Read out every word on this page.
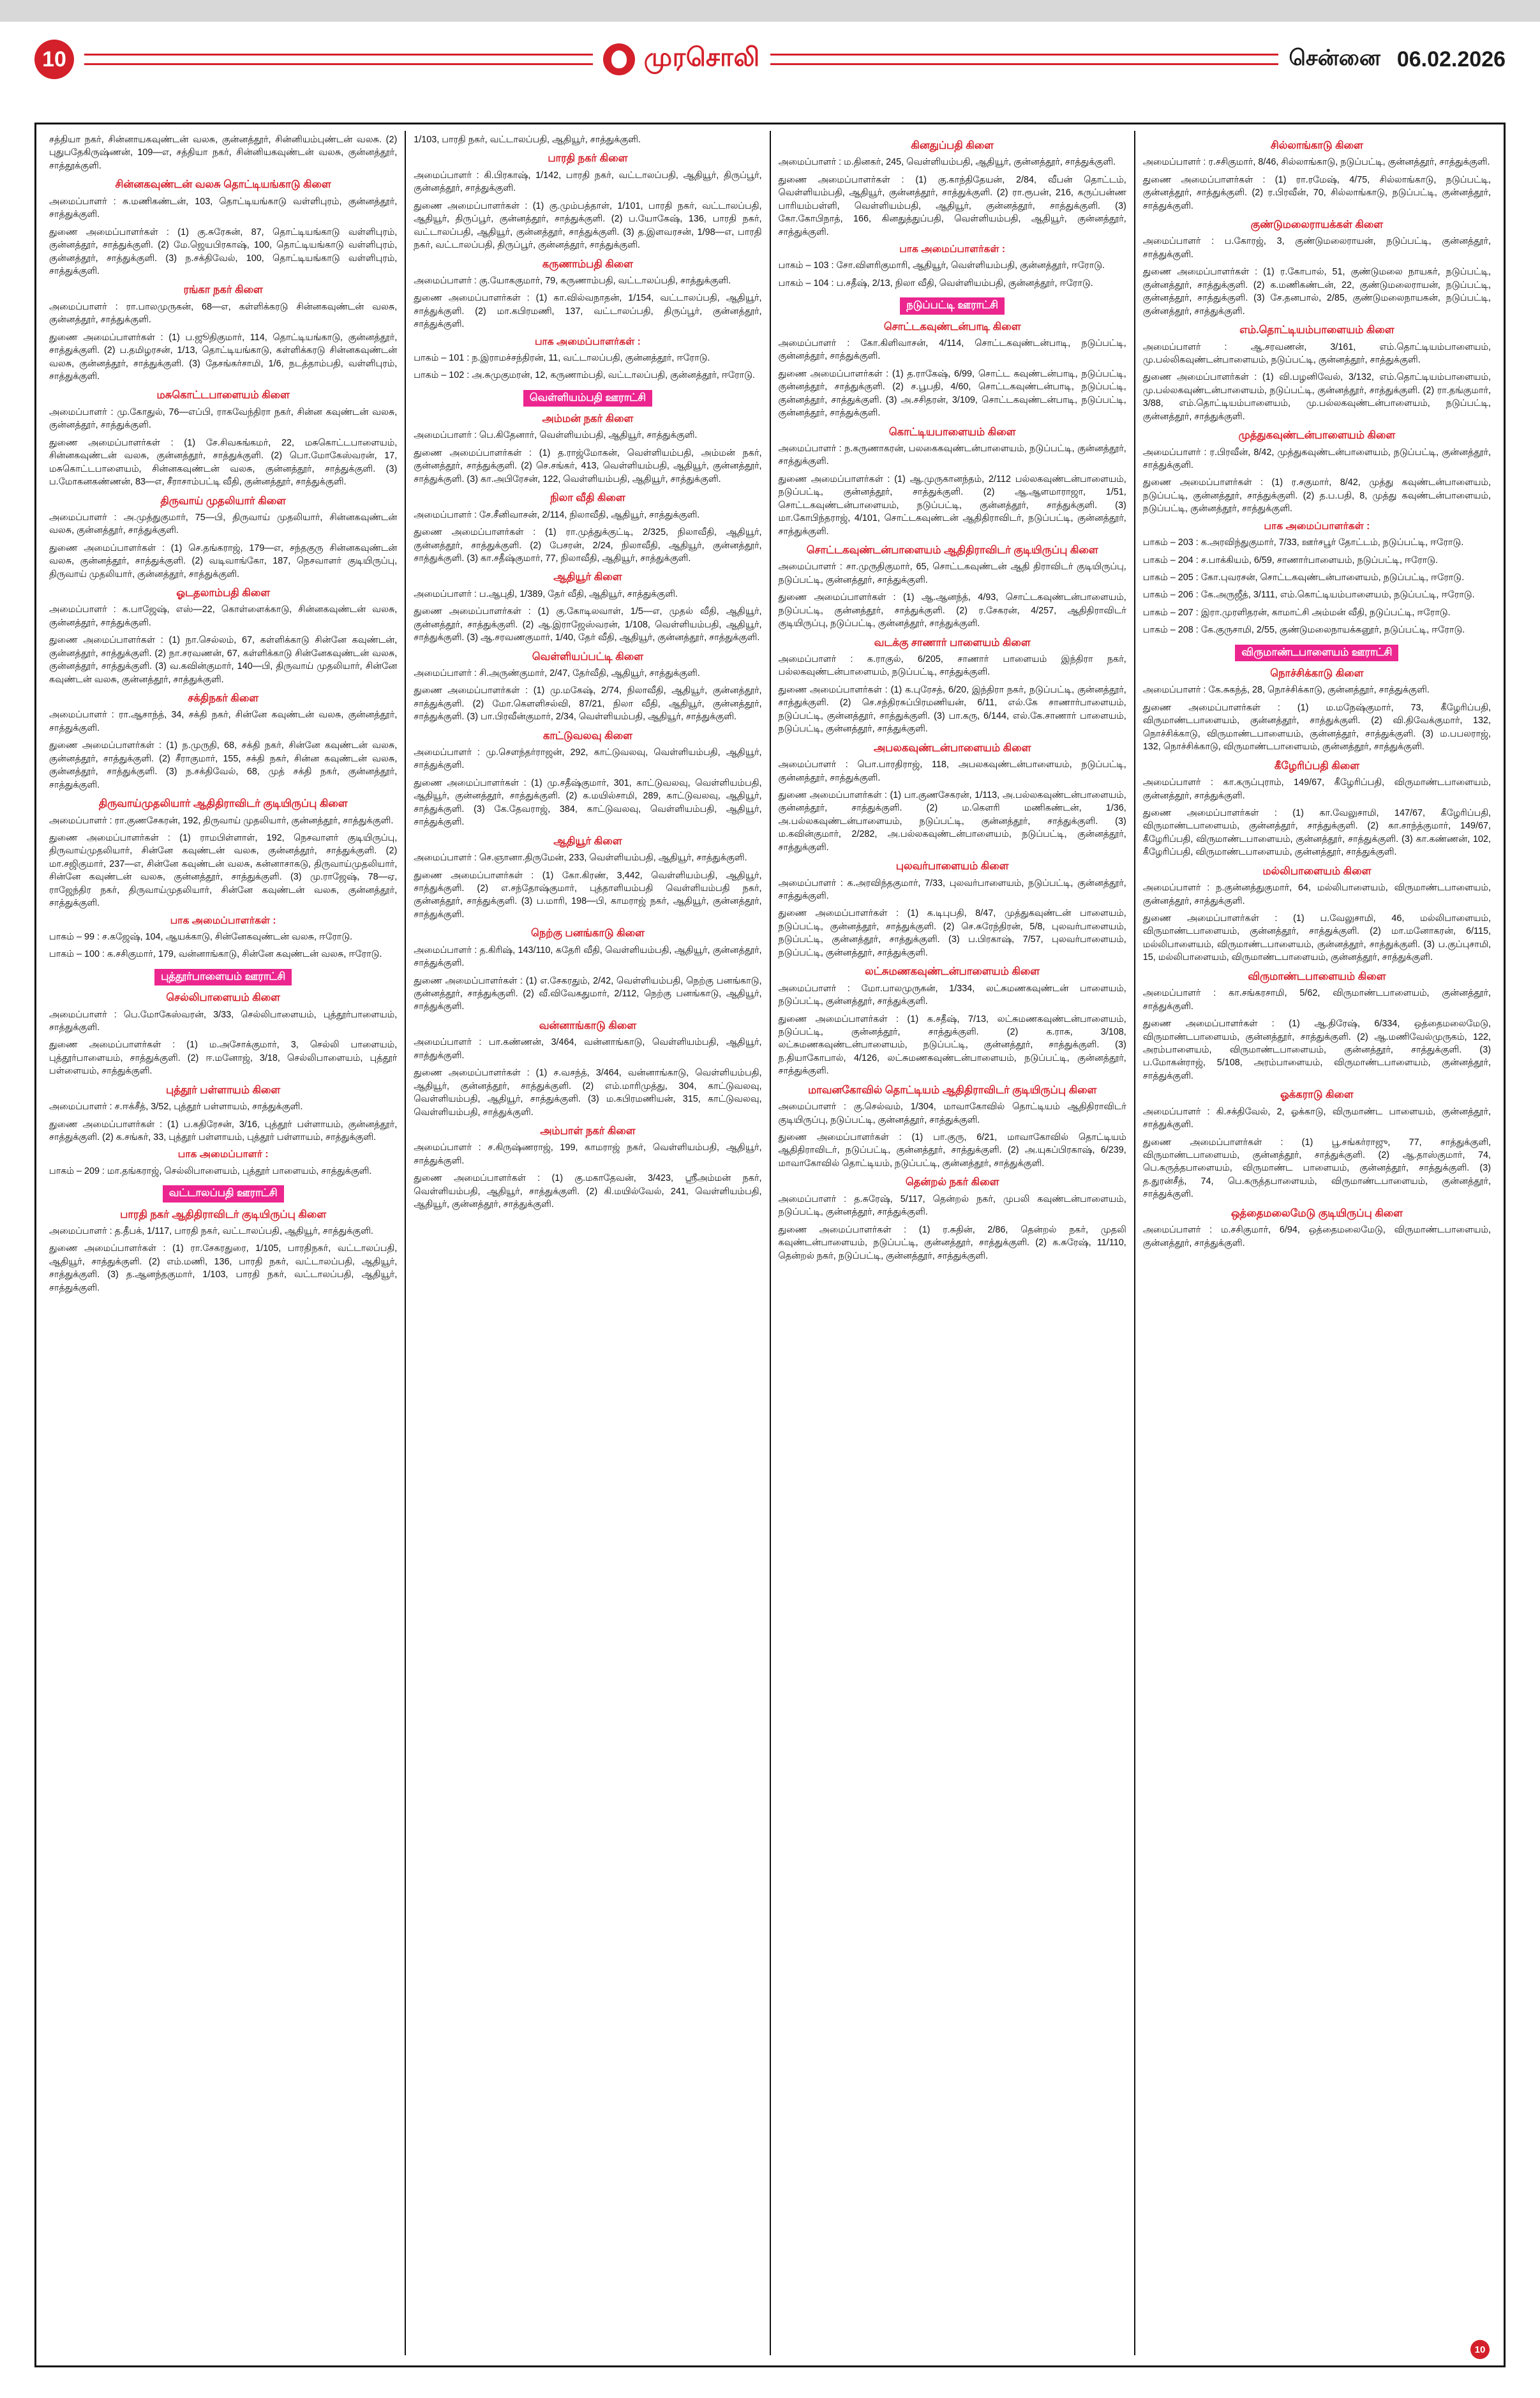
10	முரசொலி	சென்னை 06.02.2026
சத்தியா நகர், சின்னாயகவுண்டன் வலசு, குன்னத்தூர், சின்னியம்புண்டன் வலசு. (2) புதுபதேகிருஷ்ணன், 109—எ, சத்தியா நகர், சின்னியகவுண்டன் வலசு, குன்னத்தூர், சாத்தூக்குளி.
சின்னகவுண்டன் வலசு தொட்டியங்காடு கிளை
அமைப்பாளர் : சு.மணிகண்டன், 103, தொட்டியங்காடு வள்ளிபுரம், குன்னத்தூர், சாத்துக்குளி.
துணை அமைப்பாளர்கள் : (1) கு.சுரேசுன், 87, தொட்டியங்காடு வள்ளிபுரம், குன்னத்தூர், சாத்துக்குளி. (2) மே.ஜெயபிரகாஷ், 100, தொட்டியங்காடு வள்ளிபுரம், குன்னத்தூர், சாத்துக்குளி. (3) ந.சக்திவேல், 100, தொட்டியங்காடு வள்ளிபுரம், சாத்துக்குளி.
ரங்கா நகர் கிளை
அமைப்பாளர் : ரா.பாலமுருகன், 68—எ, கள்ளிக்கரடு சின்னகவுண்டன் வலசு, குன்னத்தூர், சாத்துக்குளி.
துணை அமைப்பாளர்கள் : (1) ப.ஜூதிகுமார், 114, தொட்டியங்காடு, குன்னத்தூர், சாத்துக்குளி. (2) ப.தமிழரசன், 1/13, தொட்டியங்காடு, கள்ளிக்கரடு சின்னகவுண்டன் வலசு, குன்னத்தூர், சாத்துக்குளி. (3) தேசங்கர்சாமி, 1/6, நடத்தாம்பதி, வள்ளிபுரம், சாத்துக்குளி.
மசுகொட்டபாளையம் கிளை
அமைப்பாளர் : மு.கோதுல், 76—எப்பி, ராகவேந்திரா நகர், சின்ன கவுண்டன் வலசு, குன்னத்தூர், சாத்துக்குளி.
துணை அமைப்பாளர்கள் : (1) சே.சிவசுங்கமர், 22, மசுகொட்டபாளையம், சின்னகவுண்டன் வலசு, குன்னத்தூர், சாத்துக்குளி. (2) பொ.மோகேஸ்வரன், 17, மசுகொட்டபாளையம், சின்னகவுண்டன் வலசு, குன்னத்தூர், சாத்துக்குளி. (3) ப.மோகனகண்ணன், 83—எ, சீராசாம்பட்டி வீதி, குன்னத்தூர், சாத்துக்குளி.
திருவாய் முதலியார் கிளை
அமைப்பாளர் : அ.முத்துகுமார், 75—பி, திருவாய் முதலியார், சின்னகவுண்டன் வலசு, குன்னத்தூர், சாத்துக்குளி.
துணை அமைப்பாளர்கள் : (1) செ.தங்கராஜ், 179—எ, சந்தகுரு சின்னகவுண்டன் வலசு, குன்னத்தூர், சாத்துக்குளி. (2) வடிவாங்கோ, 187, நெசவாளர் குடியிருப்பு, திருவாய் முதலியார், குன்னத்தூர், சாத்துக்குளி.
ஓடதலாம்பதி கிளை
அமைப்பாளர் : க.பாஜேஷ், எஸ்—22, கொள்ளைக்காடு, சின்னகவுண்டன் வலசு, குன்னத்தூர், சாத்துக்குளி.
துணை அமைப்பாளர்கள் : (1) நா.செல்லம், 67, கள்ளிக்காடு சின்னே கவுண்டன், குன்னத்தூர், சாத்துக்குளி. (2) நா.சரவணன், 67, கள்ளிக்காடு சின்னேகவுண்டன் வலசு, குன்னத்தூர், சாத்துக்குளி. (3) வ.கவின்குமார், 140—பி, திருவாய் முதலியார், சின்னே கவுண்டன் வலசு, குன்னத்தூர், சாத்துக்குளி.
சக்திநகர் கிளை
அமைப்பாளர் : ரா.ஆசாந்த், 34, சக்தி நகர், சின்னே கவுண்டன் வலசு, குன்னத்தூர், சாத்துக்குளி.
துணை அமைப்பாளர்கள் : (1) ந.முருதி, 68, சக்தி நகர், சின்னே கவுண்டன் வலசு, குன்னத்தூர், சாத்துக்குளி. (2) சீராகுமார், 155, சக்தி நகர், சின்ன கவுண்டன் வலசு, குன்னத்தூர், சாத்துக்குளி. (3) ந.சக்திவேல், 68, முத் சக்தி நகர், குன்னத்தூர், சாத்துக்குளி.
திருவாய்முதலியார் ஆதிதிராவிடர் குடியிருப்பு கிளை
அமைப்பாளர் : ரா.குணசேகரன், 192, திருவாய் முதலியார், குன்னத்தூர், சாத்துக்குளி.
துணை அமைப்பாளர்கள் : (1) ராமபிள்ளாள், 192, நெசவாளர் குடியிருப்பு, திருவாய்முதலியார், சின்னே கவுண்டன் வலசு, குன்னத்தூர், சாத்துக்குளி. (2) மா.சஜிகுமார், 237—எ, சின்னே கவுண்டன் வலசு, கன்னாசாகடு, திருவாய்முதலியார், சின்னே கவுண்டன் வலசு, குன்னத்தூர், சாத்துக்குளி. (3) மு.ராஜேஷ், 78—ஏ, ராஜேந்திர நகர், திருவாய்முதலியார், சின்னே கவுண்டன் வலசு, குன்னத்தூர், சாத்துக்குளி.
பாக அமைப்பாளர்கள் :
பாகம் – 99 : ச.கஜேஷ், 104, ஆயக்காடு, சின்னேகவுண்டன் வலசு, ஈரோடு.
பாகம் – 100 : க.சசிகுமார், 179, வன்னாங்காடு, சின்னே கவுண்டன் வலசு, ஈரோடு.
புத்தூர்பாளையம் ஊராட்சி
செல்லிபாளையம் கிளை
அமைப்பாளர் : பெ.மோகேஸ்வரன், 3/33, செல்லிபாளையம், புத்தூர்பாளையம், சாத்துக்குளி.
துணை அமைப்பாளர்கள் : (1) ம.அசோக்குமார், 3, செல்லி பாளையம், புத்தூர்பாளையம், சாத்துக்குளி. (2) ஈ.மனோஜ், 3/18, செல்லிபாளையம், புத்தூர் பள்ளையம், சாத்துக்குளி.
புத்தூர் பள்ளாயம் கிளை
அமைப்பாளர் : ச.ஈக்சீத், 3/52, புத்தூர் பள்ளாயம், சாத்துக்குளி.
துணை அமைப்பாளர்கள் : (1) ப.கதிரேசன், 3/16, புத்தூர் பள்ளாயம், குன்னத்தூர், சாத்துக்குளி. (2) க.சங்கர், 33, புத்தூர் பள்ளாயம், புத்தூர் பள்ளாயம், சாத்துக்குளி.
பாக அமைப்பாளர் :
பாகம் – 209 : மா.தங்கராஜ், செல்லிபாளையம், புத்தூர் பாளையம், சாத்துக்குளி.
வட்டாலப்பதி ஊராட்சி
பாரதி நகர் ஆதிதிராவிடர் குடியிருப்பு கிளை
அமைப்பாளர் : த.தீபக், 1/117, பாரதி நகர், வட்டாலப்பதி, ஆதியூர், சாத்துக்குளி.
துணை அமைப்பாளர்கள் : (1) ரா.சேகரதுரை, 1/105, பாரதிநகர், வட்டாலப்பதி, ஆதியூர், சாத்துக்குளி. (2) எம்.மணி, 136, பாரதி நகர், வட்டாலப்பதி, ஆதியூர், சாத்துக்குளி. (3) த.ஆனந்தகுமார், 1/103, பாரதி நகர், வட்டாலப்பதி, ஆதியூர், சாத்துக்குளி.
1/103, பாரதி நகர், வட்டாலப்பதி, ஆதியூர், சாத்துக்குளி.
பாரதி நகர் கிளை
அமைப்பாளர் : கி.பிரகாஷ், 1/142, பாரதி நகர், வட்டாலப்பதி, ஆதியூர், திருப்பூர், குன்னத்தூர், சாத்துக்குளி.
துணை அமைப்பாளர்கள் : (1) கு.மும்பத்தாள், 1/101, பாரதி நகர், வட்டாலப்பதி, ஆதியூர், திருப்பூர், குன்னத்தூர், சாத்துக்குளி. (2) ப.யோகேஷ், 136, பாரதி நகர், வட்டாலப்பதி, ஆதியூர், குன்னத்தூர், சாத்துக்குளி. (3) த.இளவரசன், 1/98—எ, பாரதி நகர், வட்டாலப்பதி, திருப்பூர், குன்னத்தூர், சாத்துக்குளி.
கருணாம்பதி கிளை
அமைப்பாளர் : கு.யோககுமார், 79, கருணாம்பதி, வட்டாலப்பதி, சாத்துக்குளி.
துணை அமைப்பாளர்கள் : (1) கா.வில்வநாதன், 1/154, வட்டாலப்பதி, ஆதியூர், சாத்துக்குளி. (2) மா.கபிரமணி, 137, வட்டாலப்பதி, திருப்பூர், குன்னத்தூர், சாத்துக்குளி.
பாக அமைப்பாளர்கள் :
பாகம் – 101 : ந.இராமச்சந்திரன், 11, வட்டாலப்பதி, குன்னத்தூர், ஈரோடு.
பாகம் – 102 : அ.சுமுகுமரன், 12, கருணாம்பதி, வட்டாலப்பதி, குன்னத்தூர், ஈரோடு.
வெள்ளியம்பதி ஊராட்சி
அம்மன் நகர் கிளை
அமைப்பாளர் : பெ.கிதேனார், வெள்ளியம்பதி, ஆதியூர், சாத்துக்குளி.
துணை அமைப்பாளர்கள் : (1) த.ராஜ்மோகன், வெள்ளியம்பதி, அம்மன் நகர், குன்னத்தூர், சாத்துக்குளி. (2) செ.சங்கர், 413, வெள்ளியம்பதி, ஆதியூர், குன்னத்தூர், சாத்துக்குளி. (3) கா.அபிரேசன், 122, வெள்ளியம்பதி, ஆதியூர், சாத்துக்குளி.
நிலா வீதி கிளை
அமைப்பாளர் : சே.சீனிவாசன், 2/114, நிலாவீதி, ஆதியூர், சாத்துக்குளி.
துணை அமைப்பாளர்கள் : (1) ரா.முத்துக்குட்டி, 2/325, நிலாவீதி, ஆதியூர், குன்னத்தூர், சாத்துக்குளி. (2) பேசரன், 2/24, நிலாவீதி, ஆதியூர், குன்னத்தூர், சாத்துக்குளி. (3) கா.சதீஷ்குமார், 77, நிலாவீதி, ஆதியூர், சாத்துக்குளி.
ஆதியூர் கிளை
அமைப்பாளர் : ப.ஆபுதி, 1/389, தேர் வீதி, ஆதியூர், சாத்துக்குளி.
துணை அமைப்பாளர்கள் : (1) கு.கோடிலவாள், 1/5—எ, முதல் வீதி, ஆதியூர், குன்னத்தூர், சாத்துக்குளி. (2) ஆ.இராஜேஸ்வரன், 1/108, வெள்ளியம்பதி, ஆதியூர், சாத்துக்குளி. (3) ஆ.சரவணகுமார், 1/40, தேர் வீதி, ஆதியூர், குன்னத்தூர், சாத்துக்குளி.
வெள்ளியப்பட்டி கிளை
அமைப்பாளர் : சி.அருண்குமார், 2/47, தேர்வீதி, ஆதியூர், சாத்துக்குளி.
துணை அமைப்பாளர்கள் : (1) மு.மகேஷ், 2/74, நிலாவீதி, ஆதியூர், குன்னத்தூர், சாத்துக்குளி. (2) மோ.கௌளிசல்வி, 87/21, நிலா வீதி, ஆதியூர், குன்னத்தூர், சாத்துக்குளி. (3) பா.பிரவீன்குமார், 2/34, வெள்ளியம்பதி, ஆதியூர், சாத்துக்குளி.
காட்டுவலவு கிளை
அமைப்பாளர் : மு.சௌந்தர்ராஜன், 292, காட்டுவலவு, வெள்ளியம்பதி, ஆதியூர், சாத்துக்குளி.
துணை அமைப்பாளர்கள் : (1) மு.சதீஷ்குமார், 301, காட்டுவலவு, வெள்ளியம்பதி, ஆதியூர், குன்னத்தூர், சாத்துக்குளி. (2) க.மயில்சாமி, 289, காட்டுவலவு, ஆதியூர், சாத்துக்குளி. (3) கே.தேவராஜ், 384, காட்டுவலவு, வெள்ளியம்பதி, ஆதியூர், சாத்துக்குளி.
ஆதியூர் கிளை
அமைப்பாளர் : செ.ஞானா.திருமேன், 233, வெள்ளியம்பதி, ஆதியூர், சாத்துக்குளி.
துணை அமைப்பாளர்கள் : (1) கோ.கிரண், 3,442, வெள்ளியம்பதி, ஆதியூர், சாத்துக்குளி. (2) எ.சந்தோஷ்குமார், புத்தாளியம்பதி வெள்ளியம்பதி நகர், குன்னத்தூர், சாத்துக்குளி. (3) ப.மாரி, 198—பி, காமராஜ் நகர், ஆதியூர், குன்னத்தூர், சாத்துக்குளி.
நெற்கு பனங்காடு கிளை
அமைப்பாளர் : த.கிரிஷ், 143/110, கதேரி வீதி, வெள்ளியம்பதி, ஆதியூர், குன்னத்தூர், சாத்துக்குளி.
துணை அமைப்பாளர்கள் : (1) எ.சேகரதும், 2/42, வெள்ளியம்பதி, நெற்கு பனங்காடு, குன்னத்தூர், சாத்துக்குளி. (2) வீ.விவேகதுமார், 2/112, நெற்கு பனங்காடு, ஆதியூர், சாத்துக்குளி.
வன்னாங்காடு கிளை
அமைப்பாளர் : பா.கண்ணன், 3/464, வன்னாங்காடு, வெள்ளியம்பதி, ஆதியூர், சாத்துக்குளி.
துணை அமைப்பாளர்கள் : (1) ச.வசந்த், 3/464, வன்னாங்காடு, வெள்ளியம்பதி, ஆதியூர், குன்னத்தூர், சாத்துக்குளி. (2) எம்.மாரிமுத்து, 304, காட்டுவலவு, வெள்ளியம்பதி, ஆதியூர், சாத்துக்குளி. (3) ம.கபிரமணியன், 315, காட்டுவலவு, வெள்ளியம்பதி, சாத்துக்குளி.
அம்பாள் நகர் கிளை
அமைப்பாளர் : ச.கிருஷ்ணராஜ், 199, காமராஜ் நகர், வெள்ளியம்பதி, ஆதியூர், சாத்துக்குளி.
துணை அமைப்பாளர்கள் : (1) கு.மகாதேவன், 3/423, ஸ்ரீஅம்மன் நகர், வெள்ளியம்பதி, ஆதியூர், சாத்துக்குளி. (2) கி.மயில்வேல், 241, வெள்ளியம்பதி, ஆதியூர், குன்னத்தூர், சாத்துக்குளி.
கினதுப்பதி கிளை
அமைப்பாளர் : ம.தினகர், 245, வெள்ளியம்பதி, ஆதியூர், குன்னத்தூர், சாத்துக்குளி.
துணை அமைப்பாளர்கள் : (1) கு.காந்திதேயன், 2/84, வீபன் தொட்டம், வெள்ளியம்பதி, ஆதியூர், குன்னத்தூர், சாத்துக்குளி. (2) ரா.ரூபன், 216, கருப்பன்ண பாரியம்பள்ளி, வெள்ளியம்பதி, ஆதியூர், குன்னத்தூர், சாத்துக்குளி. (3) கோ.கோபிநாத், 166, கினதுத்துப்பதி, வெள்ளியம்பதி, ஆதியூர், குன்னத்தூர், சாத்துக்குளி.
பாக அமைப்பாளர்கள் :
பாகம் – 103 : சோ.விளரிகுமாரி, ஆதியூர், வெள்ளியம்பதி, குன்னத்தூர், ஈரோடு.
பாகம் – 104 : ப.சதீஷ், 2/13, நிலா வீதி, வெள்ளியம்பதி, குன்னத்தூர், ஈரோடு.
நடுப்பட்டி ஊராட்சி
சொட்டகவுண்டன்பாடி கிளை
அமைப்பாளர் : கோ.கிளிவாசன், 4/114, சொட்டகவுண்டன்பாடி, நடுப்பட்டி, குன்னத்தூர், சாத்துக்குளி.
துணை அமைப்பாளர்கள் : (1) த.ராகேஷ், 6/99, சொட்ட கவுண்டன்பாடி, நடுப்பட்டி, குன்னத்தூர், சாத்துக்குளி. (2) ச.பூபதி, 4/60, சொட்டகவுண்டன்பாடி, நடுப்பட்டி, குன்னத்தூர், சாத்துக்குளி. (3) அ.சசிதரன், 3/109, சொட்டகவுண்டன்பாடி, நடுப்பட்டி, குன்னத்தூர், சாத்துக்குளி.
கொட்டியபாளையம் கிளை
அமைப்பாளர் : ந.கருணாகரன், பலகைகவுண்டன்பாளையம், நடுப்பட்டி, குன்னத்தூர், சாத்துக்குளி.
துணை அமைப்பாளர்கள் : (1) ஆ.முருகானந்தம், 2/112 பல்லகவுண்டன்பாளையம், நடுப்பட்டி, குன்னத்தூர், சாத்துக்குளி. (2) ஆ.ஆளமாராஜா, 1/51, சொட்டகவுண்டன்பாளையம், நடுப்பட்டி, குன்னத்தூர், சாத்துக்குளி. (3) மா.கோபிந்தராஜ், 4/101, சொட்டகவுண்டன் ஆதிதிராவிடர், நடுப்பட்டி, குன்னத்தூர், சாத்துக்குளி.
சொட்டகவுண்டன்பாளையம் ஆதிதிராவிடர் குடியிருப்பு கிளை
அமைப்பாளர் : சா.முருதிகுமார், 65, சொட்டகவுண்டன் ஆதி திராவிடர் குடியிருப்பு, நடுப்பட்டி, குன்னத்தூர், சாத்துக்குளி.
துணை அமைப்பாளர்கள் : (1) ஆ.ஆனந்த், 4/93, சொட்டகவுண்டன்பாளையம், நடுப்பட்டி, குன்னத்தூர், சாத்துக்குளி. (2) ர.சேகரன், 4/257, ஆதிதிராவிடர் குடியிருப்பு, நடுப்பட்டி, குன்னத்தூர், சாத்துக்குளி.
வடக்கு சாணார் பாளையம் கிளை
அமைப்பாளர் : க.ராகுல், 6/205, சாணார் பாளையம் இந்திரா நகர், பல்லகவுண்டன்பாளையம், நடுப்பட்டி, சாத்துக்குளி.
துணை அமைப்பாளர்கள் : (1) க.புரேசத், 6/20, இந்திரா நகர், நடுப்பட்டி, குன்னத்தூர், சாத்துக்குளி. (2) செ.சந்திரசுப்பிரமணியன், 6/11, எல்.கே சாணார்பாளையம், நடுப்பட்டி, குன்னத்தூர், சாத்துக்குளி. (3) பா.கரு, 6/144, எல்.கே.சாணார் பாளையம், நடுப்பட்டி, குன்னத்தூர், சாத்துக்குளி.
அபலகவுண்டன்பாளையம் கிளை
அமைப்பாளர் : பொ.பாரதிராஜ், 118, அபலகவுண்டன்பாளையம், நடுப்பட்டி, குன்னத்தூர், சாத்துக்குளி.
துணை அமைப்பாளர்கள் : (1) பா.குணசேகரன், 1/113, அ.பல்லகவுண்டன்பாளையம், குன்னத்தூர், சாத்துக்குளி. (2) ம.கௌரி மணிகண்டன், 1/36, அ.பல்லகவுண்டன்பாளையம், நடுப்பட்டி, குன்னத்தூர், சாத்துக்குளி. (3) ம.கவின்குமார், 2/282, அ.பல்லகவுண்டன்பாளையம், நடுப்பட்டி, குன்னத்தூர், சாத்துக்குளி.
புலவர்பாளையம் கிளை
அமைப்பாளர் : க.அரவிந்தகுமார், 7/33, புலவர்பாளையம், நடுப்பட்டி, குன்னத்தூர், சாத்துக்குளி.
துணை அமைப்பாளர்கள் : (1) க.டிபுபதி, 8/47, முத்துகவுண்டன் பாளையம், நடுப்பட்டி, குன்னத்தூர், சாத்துக்குளி. (2) செ.சுரேந்திரன், 5/8, புலவர்பாளையம், நடுப்பட்டி, குன்னத்தூர், சாத்துக்குளி. (3) ப.பிரகாஷ், 7/57, புலவர்பாளையம், நடுப்பட்டி, குன்னத்தூர், சாத்துக்குளி.
லட்சுமணகவுண்டன்பாளையம் கிளை
அமைப்பாளர் : மோ.பாலமுருகன், 1/334, லட்சுமணகவுண்டன் பாளையம், நடுப்பட்டி, குன்னத்தூர், சாத்துக்குளி.
துணை அமைப்பாளர்கள் : (1) க.சதீஷ், 7/13, லட்சுமணகவுண்டன்பாளையம், நடுப்பட்டி, குன்னத்தூர், சாத்துக்குளி. (2) க.ராசு, 3/108, லட்சுமணகவுண்டன்பாளையம், நடுப்பட்டி, குன்னத்தூர், சாத்துக்குளி. (3) ந.தியாகோபால், 4/126, லட்சுமணகவுண்டன்பாளையம், நடுப்பட்டி, குன்னத்தூர், சாத்துக்குளி.
மாவனகோவில் தொட்டியம் ஆதிதிராவிடர் குடியிருப்பு கிளை
அமைப்பாளர் : கு.செல்வம், 1/304, மாவாகோவில் தொட்டியம் ஆதிதிராவிடர் குடியிருப்பு, நடுப்பட்டி, குன்னத்தூர், சாத்துக்குளி.
துணை அமைப்பாளர்கள் : (1) பா.குரு, 6/21, மாவாகோவில் தொட்டியம் ஆதிதிராவிடர், நடுப்பட்டி, குன்னத்தூர், சாத்துக்குளி. (2) அ.யுகப்பிரகாஷ், 6/239, மாவாகோவில் தொட்டியம், நடுப்பட்டி, குன்னத்தூர், சாத்துக்குளி.
தென்றல் நகர் கிளை
அமைப்பாளர் : த.சுரேஷ், 5/117, தென்றல் நகர், முபலி கவுண்டன்பாளையம், நடுப்பட்டி, குன்னத்தூர், சாத்துக்குளி.
துணை அமைப்பாளர்கள் : (1) ர.சுதின், 2/86, தென்றல் நகர், முதலி கவுண்டன்பாளையம், நடுப்பட்டி, குன்னத்தூர், சாத்துக்குளி. (2) க.சுரேஷ், 11/110, தென்றல் நகர், நடுப்பட்டி, குன்னத்தூர், சாத்துக்குளி.
சில்லாங்காடு கிளை
அமைப்பாளர் : ர.சசிகுமார், 8/46, சில்லாங்காடு, நடுப்பட்டி, குன்னத்தூர், சாத்துக்குளி.
துணை அமைப்பாளர்கள் : (1) ரா.ரமேஷ், 4/75, சில்லாங்காடு, நடுப்பட்டி, குன்னத்தூர், சாத்துக்குளி. (2) ர.பிரவீன், 70, சில்லாங்காடு, நடுப்பட்டி, குன்னத்தூர், சாத்துக்குளி.
குண்டுமலைராயக்கள் கிளை
அமைப்பாளர் : ப.கோரஜ், 3, குண்டுமலைராயன், நடுப்பட்டி, குன்னத்தூர், சாத்துக்குளி.
துணை அமைப்பாளர்கள் : (1) ர.கோபால், 51, குண்டுமலை நாயகர், நடுப்பட்டி, குன்னத்தூர், சாத்துக்குளி. (2) க.மணிகண்டன், 22, குண்டுமலைராயன், நடுப்பட்டி, குன்னத்தூர், சாத்துக்குளி. (3) சே.தனபால், 2/85, குண்டுமலைநாயகன், நடுப்பட்டி, குன்னத்தூர், சாத்துக்குளி.
எம்.தொட்டியம்பாளையம் கிளை
அமைப்பாளர் : ஆ.சரவணன், 3/161, எம்.தொட்டியம்பாளையம், மு.பல்லிகவுண்டன்பாளையம், நடுப்பட்டி, குன்னத்தூர், சாத்துக்குளி.
துணை அமைப்பாளர்கள் : (1) வி.பழனிவேல், 3/132, எம்.தொட்டியம்பாளையம், மு.பல்லகவுண்டன்பாளையம், நடுப்பட்டி, குன்னத்தூர், சாத்துக்குளி. (2) ரா.தங்குமார், 3/88, எம்.தொட்டியம்பாளையம், மு.பல்லகவுண்டன்பாளையம், நடுப்பட்டி, குன்னத்தூர், சாத்துக்குளி.
முத்துகவுண்டன்பாளையம் கிளை
அமைப்பாளர் : ர.பிரவீன், 8/42, முத்துகவுண்டன்பாளையம், நடுப்பட்டி, குன்னத்தூர், சாத்துக்குளி.
துணை அமைப்பாளர்கள் : (1) ர.சகுமார், 8/42, முத்து கவுண்டன்பாளையம், நடுப்பட்டி, குன்னத்தூர், சாத்துக்குளி. (2) த.ப.பதி, 8, முத்து கவுண்டன்பாளையம், நடுப்பட்டி, குன்னத்தூர், சாத்துக்குளி.
பாக அமைப்பாளர்கள் :
பாகம் – 203 : க.அரவிந்துகுமார், 7/33, ஊர்சபூர் தோட்டம், நடுப்பட்டி, ஈரோடு.
பாகம் – 204 : ச.பாக்கியம், 6/59, சாணார்பாளையம், நடுப்பட்டி, ஈரோடு.
பாகம் – 205 : கோ.புவரசன், சொட்டகவுண்டன்பாளையம், நடுப்பட்டி, ஈரோடு.
பாகம் – 206 : கே.அருஜீத், 3/111, எம்.கொட்டியம்பாளையம், நடுப்பட்டி, ஈரோடு.
பாகம் – 207 : இரா.முரளிதரன், காமாட்சி அம்மன் வீதி, நடுப்பட்டி, ஈரோடு.
பாகம் – 208 : கே.குருசாமி, 2/55, குண்டுமலைநாயக்கனூர், நடுப்பட்டி, ஈரோடு.
விருமாண்டபாளையம் ஊராட்சி
நொச்சிக்காடு கிளை
அமைப்பாளர் : கே.சுகந்த், 28, நொச்சிக்காடு, குன்னத்தூர், சாத்துக்குளி.
துணை அமைப்பாளர்கள் : (1) ம.மநேஷ்குமார், 73, கீழேரிப்பதி, விருமாண்டபாளையம், குன்னத்தூர், சாத்துக்குளி. (2) வி.திவேக்குமார், 132, நொச்சிக்காடு, விருமாண்டபாளையம், குன்னத்தூர், சாத்துக்குளி. (3) ம.பபலராஜ், 132, நொச்சிக்காடு, விருமாண்டபாளையம், குன்னத்தூர், சாத்துக்குளி.
கீழேரிப்பதி கிளை
அமைப்பாளர் : கா.கருப்புராம், 149/67, கீழேரிப்பதி, விருமாண்டபாளையம், குன்னத்தூர், சாத்துக்குளி.
துணை அமைப்பாளர்கள் : (1) கா.வேலுசாமி, 147/67, கீழேரிப்பதி, விருமாண்டபாளையம், குன்னத்தூர், சாத்துக்குளி. (2) கா.சாந்த்குமார், 149/67, கீழேரிப்பதி, விருமாண்டபாளையம், குன்னத்தூர், சாத்துக்குளி. (3) கா.கண்ணன், 102, கீழேரிப்பதி, விருமாண்டபாளையம், குன்னத்தூர், சாத்துக்குளி.
மல்லிபாளையம் கிளை
அமைப்பாளர் : ந.குன்னத்துகுமார், 64, மல்லிபாளையம், விருமாண்டபாளையம், குன்னத்தூர், சாத்துக்குளி.
துணை அமைப்பாளர்கள் : (1) ப.வேலுசாமி, 46, மல்லிபாளையம், விருமாண்டபாளையம், குன்னத்தூர், சாத்துக்குளி. (2) மா.மனோகரன், 6/115, மல்லிபாளையம், விருமாண்டபாளையம், குன்னத்தூர், சாத்துக்குளி. (3) ப.குப்புசாமி, 15, மல்லிபாளையம், விருமாண்டபாளையம், குன்னத்தூர், சாத்துக்குளி.
விருமாண்டபாளையம் கிளை
அமைப்பாளர் : கா.சங்கரசாமி, 5/62, விருமாண்டபாளையம், குன்னத்தூர், சாத்துக்குளி.
துணை அமைப்பாளர்கள் : (1) ஆ.திரேஷ், 6/334, ஒத்தைமலைமேடு, விருமாண்டபாளையம், குன்னத்தூர், சாத்துக்குளி. (2) ஆ.மணிவேல்முருகம், 122, அரம்பாளையம், விருமாண்டபாளையம், குன்னத்தூர், சாத்துக்குளி. (3) ப.மோகன்ராஜ், 5/108, அரம்பாளையம், விருமாண்டபாளையம், குன்னத்தூர், சாத்துக்குளி.
ஓக்கராடு கிளை
அமைப்பாளர் : கி.சக்திவேல், 2, ஓக்காடு, விருமாண்ட பாளையம், குன்னத்தூர், சாத்துக்குளி.
துணை அமைப்பாளர்கள் : (1) பூ.சங்கர்ராஜு, 77, சாத்துக்குளி, விருமாண்டபாளையம், குன்னத்தூர், சாத்துக்குளி. (2) ஆ.தாஸ்குமார், 74, பெ.கருத்தபாளையம், விருமாண்ட பாளையம், குன்னத்தூர், சாத்துக்குளி. (3) த.துரன்சீத், 74, பெ.கருத்தபாளையம், விருமாண்டபாளையம், குன்னத்தூர், சாத்துக்குளி.
ஒத்தைமலைமேடு குடியிருப்பு கிளை
அமைப்பாளர் : ம.சசிகுமார், 6/94, ஒத்தைமலைமேடு, விருமாண்டபாளையம், குன்னத்தூர், சாத்துக்குளி.
10
